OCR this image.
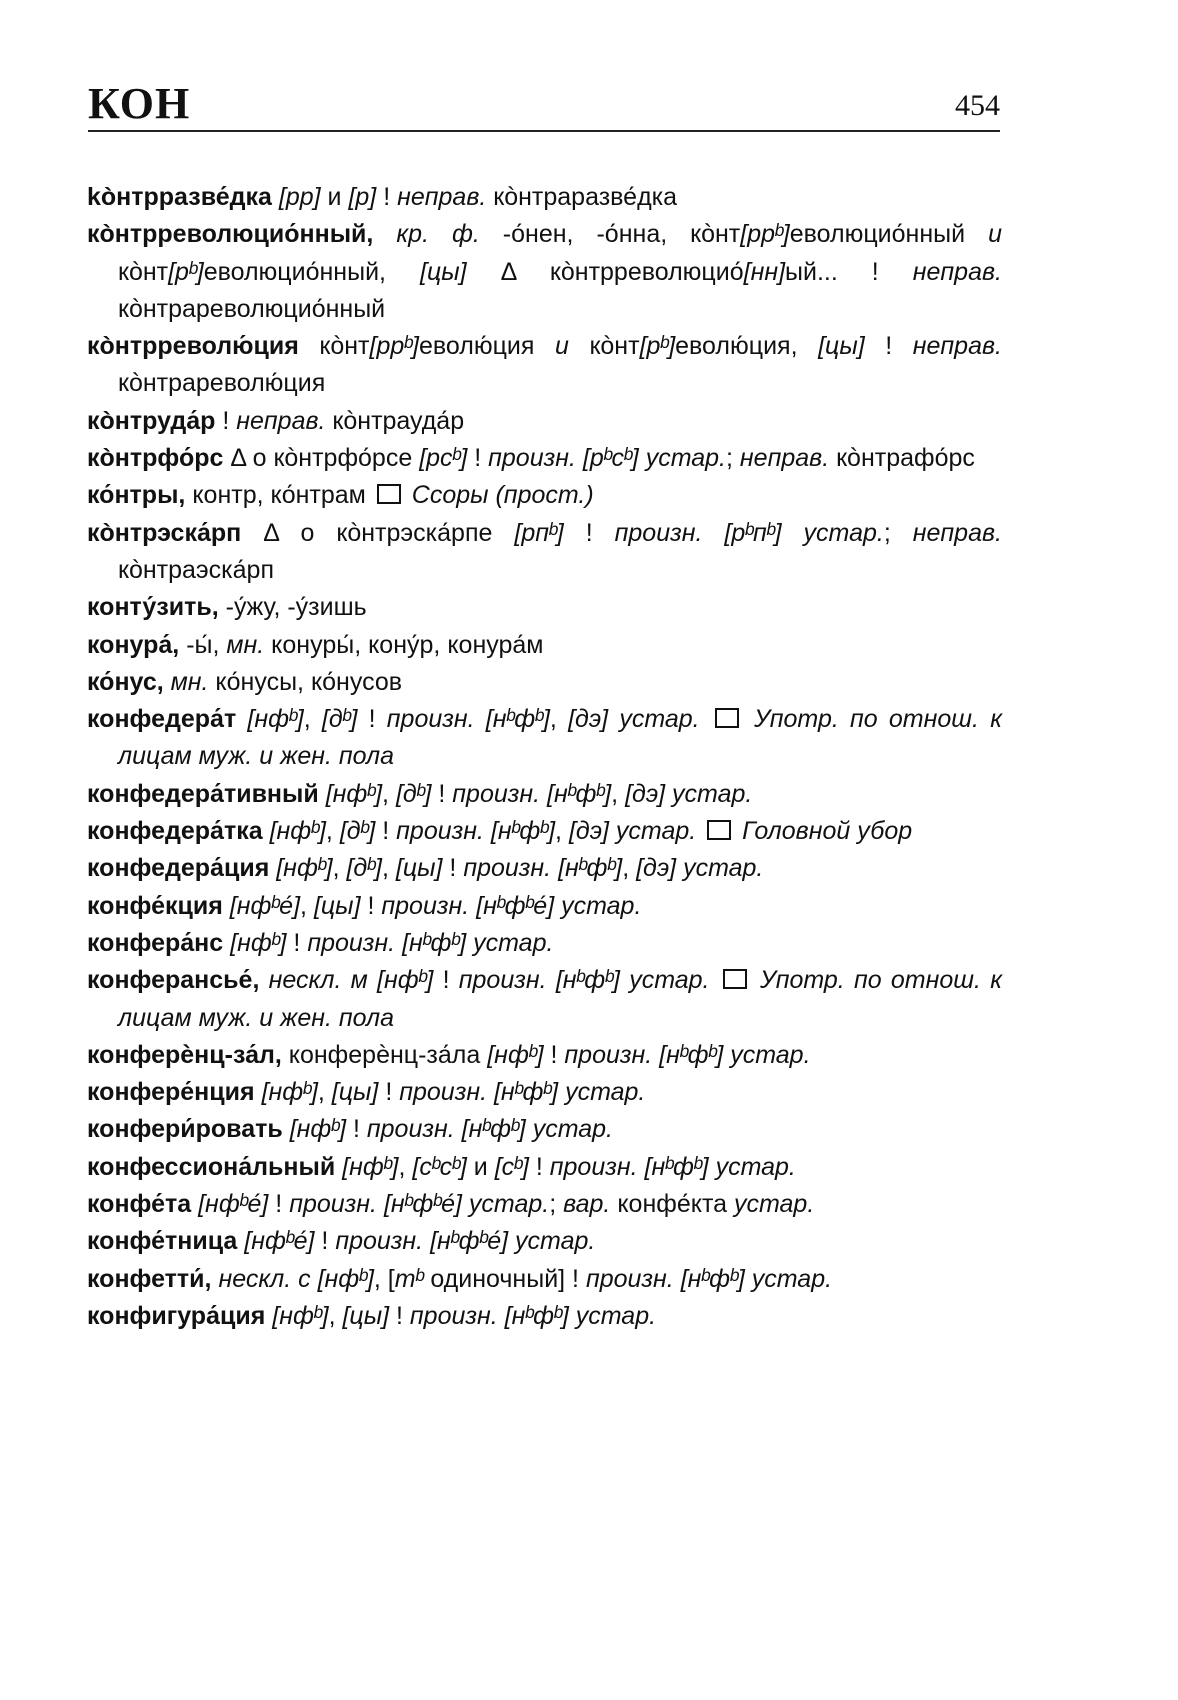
КОН	454

kòнтрразве́дка [рр] и [р] ! неправ. кòнтраразве́дка

кòнтрреволюцио́нный, кр. ф. -о́нен, -о́нна, кòнт[ррᵇ]еволюцио́нный и кòнт[рᵇ]еволюцио́нный, [цы] Δ кòнтрреволюцио́[нн]ый... ! неправ. кòнтрареволюцио́нный

кòнтрреволю́ция кòнт[ррᵇ]еволю́ция и кòнт[рᵇ]еволю́ция, [цы] ! неправ. кòнтрареволю́ция

кòнтруда́р ! неправ. кòнтрауда́р

кòнтрфо́рс Δ о кòнтрфо́рсе [рсᵇ] ! произн. [рᵇсᵇ] устар.; неправ. кòнтрафо́рс

ко́нтры, контр, ко́нтрам  Ссоры (прост.)

кòнтрэска́рп Δ о кòнтрэска́рпе [рпᵇ] ! произн. [рᵇпᵇ] устар.; неправ. кòнтраэска́рп

конту́зить, -у́жу, -у́зишь

конура́, -ы́, мн. конуры́, кону́р, конура́м

ко́нус, мн. ко́нусы, ко́нусов

конфедера́т [нфᵇ], [дᵇ] ! произн. [нᵇфᵇ], [дэ] устар. Употр. по отнош. к лицам муж. и жен. пола

конфедера́тивный [нфᵇ], [дᵇ] ! произн. [нᵇфᵇ], [дэ] устар.

конфедера́тка [нфᵇ], [дᵇ] ! произн. [нᵇфᵇ], [дэ] устар. Головной убор

конфедера́ция [нфᵇ], [дᵇ], [цы] ! произн. [нᵇфᵇ], [дэ] устар.

конфе́кция [нфᵇе́], [цы] ! произн. [нᵇфᵇе́] устар.

конфера́нс [нфᵇ] ! произн. [нᵇфᵇ] устар.

конферансье́, нескл. м [нфᵇ] ! произн. [нᵇфᵇ] устар. Употр. по отнош. к лицам муж. и жен. пола

конферѐнц-за́л, конферѐнц-за́ла [нфᵇ] ! произн. [нᵇфᵇ] устар.

конфере́нция [нфᵇ], [цы] ! произн. [нᵇфᵇ] устар.

конфери́ровать [нфᵇ] ! произн. [нᵇфᵇ] устар.

конфессиона́льный [нфᵇ], [сᵇсᵇ] и [сᵇ] ! произн. [нᵇфᵇ] устар.

конфе́та [нфᵇе́] ! произн. [нᵇфᵇе́] устар.; вар. конфе́кта устар.

конфе́тница [нфᵇе́] ! произн. [нᵇфᵇе́] устар.

конфетти́, нескл. с [нфᵇ], [тᵇ одиночный] ! произн. [нᵇфᵇ] устар.

конфигура́ция [нфᵇ], [цы] ! произн. [нᵇфᵇ] устар.
